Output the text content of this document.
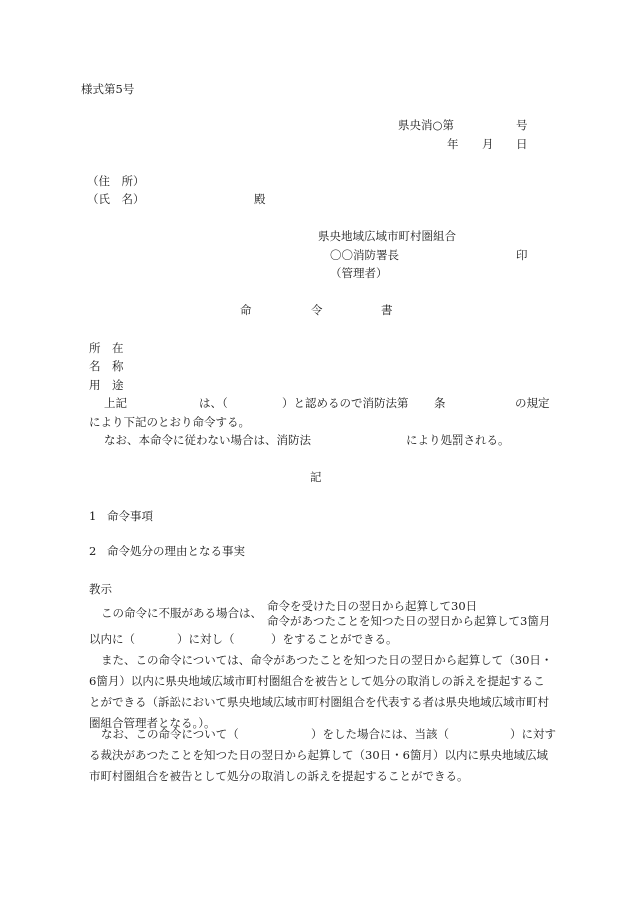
様式第5号
県央消○第	号
年 月 日
（住　所）
（氏　名）	殿
県央地域広域市町村圏組合
〇〇消防署長	印
（管理者）
命	令	書
所　在
名　称
用　途
上記	は、（	）と認めるので消防法第 条	の規定
により下記のとおり命令する。
なお、本命令に従わない場合は、消防法	により処罰される。
記
1 命令事項
2 命令処分の理由となる事実
教示
この命令に不服がある場合は、 命令を受けた日の翌日から起算して30日
命令があつたことを知つた日の翌日から起算して3箇月
以内に（	）に対し（	）をすることができる。
また、この命令については、命令があつたことを知つた日の翌日から起算して（30日・6箇月）以内に県央地域広域市町村圏組合を被告として処分の取消しの訴えを提起することができる（訴訟において県央地域広域市町村圏組合を代表する者は県央地域広域市町村圏組合管理者となる。）。
なお、この命令について（	）をした場合には、当該（	）に対す
る裁決があつたことを知つた日の翌日から起算して（30日・6箇月）以内に県央地域広域市町村圏組合を被告として処分の取消しの訴えを提起することができる。
